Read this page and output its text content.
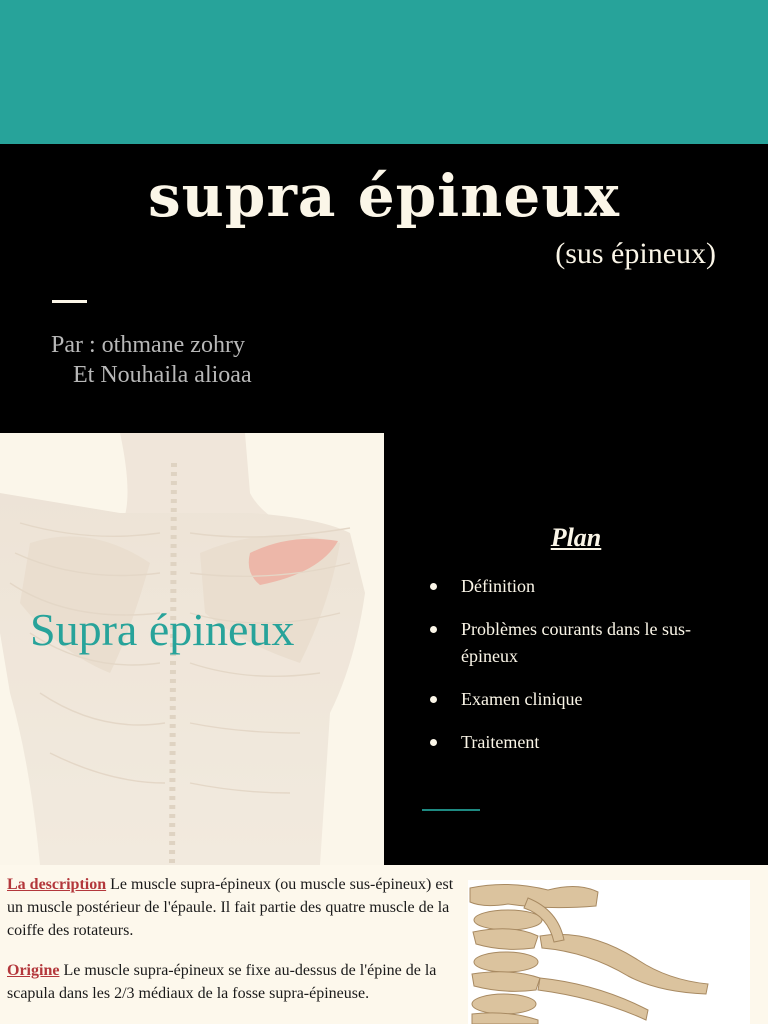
supra épineux
(sus épineux)
Par : othmane zohry
Et Nouhaila alioaa
Supra épineux
Plan
Définition
Problèmes courants dans le sus-épineux
Examen clinique
Traitement

La description Le muscle supra-épineux (ou muscle sus-épineux) est un muscle postérieur de l'épaule. Il fait partie des quatre muscle de la coiffe des rotateurs.

Origine Le muscle supra-épineux se fixe au-dessus de l'épine de la scapula dans les 2/3 médiaux de la fosse supra-épineuse.
